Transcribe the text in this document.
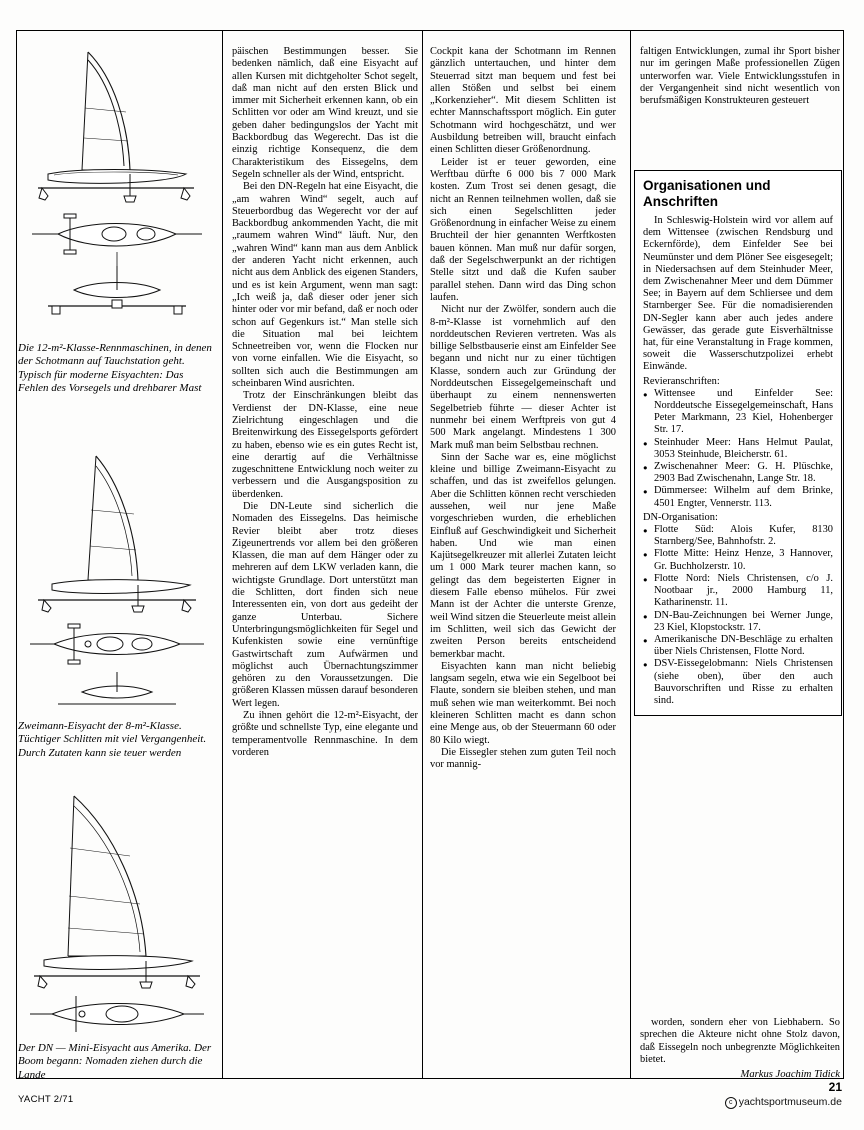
Die 12-m²-Klasse-Rennmaschinen, in denen der Schotmann auf Tauchstation geht. Typisch für moderne Eisyachten: Das Fehlen des Vorsegels und drehbarer Mast
Zweimann-Eisyacht der 8-m²-Klasse. Tüchtiger Schlitten mit viel Vergangenheit. Durch Zutaten kann sie teuer werden
Der DN — Mini-Eisyacht aus Amerika. Der Boom begann: Nomaden ziehen durch die Lande

päischen Bestimmungen besser. Sie bedenken nämlich, daß eine Eisyacht auf allen Kursen mit dichtgeholter Schot segelt, daß man nicht auf den ersten Blick und immer mit Sicherheit erkennen kann, ob ein Schlitten vor oder am Wind kreuzt, und sie geben daher bedingungslos der Yacht mit Backbordbug das Wegerecht. Das ist die einzig richtige Konsequenz, die dem Charakteristikum des Eissegelns, dem Segeln schneller als der Wind, entspricht.

Bei den DN-Regeln hat eine Eisyacht, die „am wahren Wind“ segelt, auch auf Steuerbordbug das Wegerecht vor der auf Backbordbug ankommenden Yacht, die mit „raumem wahren Wind“ läuft. Nur, den „wahren Wind“ kann man aus dem Anblick der anderen Yacht nicht erkennen, auch nicht aus dem Anblick des eigenen Standers, und es ist kein Argument, wenn man sagt: „Ich weiß ja, daß dieser oder jener sich hinter oder vor mir befand, daß er noch oder schon auf Gegenkurs ist.“ Man stelle sich die Situation mal bei leichtem Schneetreiben vor, wenn die Flocken nur von vorne einfallen. Wie die Eisyacht, so sollten sich auch die Bestimmungen am scheinbaren Wind ausrichten.

Trotz der Einschränkungen bleibt das Verdienst der DN-Klasse, eine neue Zielrichtung eingeschlagen und die Breitenwirkung des Eissegelsports gefördert zu haben, ebenso wie es ein gutes Recht ist, eine derartig auf die Verhältnisse zugeschnittene Entwicklung noch weiter zu verbessern und die Ausgangsposition zu überdenken.

Die DN-Leute sind sicherlich die Nomaden des Eissegelns. Das heimische Revier bleibt aber trotz dieses Zigeunertrends vor allem bei den größeren Klassen, die man auf dem Hänger oder zu mehreren auf dem LKW verladen kann, die wichtigste Grundlage. Dort unterstützt man die Schlitten, dort finden sich neue Interessenten ein, von dort aus gedeiht der ganze Unterbau. Sichere Unterbringungsmöglichkeiten für Segel und Kufenkisten sowie eine vernünftige Gastwirtschaft zum Aufwärmen und möglichst auch Übernachtungszimmer gehören zu den Voraussetzungen. Die größeren Klassen müssen darauf besonderen Wert legen.

Zu ihnen gehört die 12-m²-Eisyacht, der größte und schnellste Typ, eine elegante und temperamentvolle Rennmaschine. In dem vorderen

Cockpit kana der Schotmann im Rennen gänzlich untertauchen, und hinter dem Steuerrad sitzt man bequem und fest bei allen Stößen und selbst bei einem „Korkenzieher“. Mit diesem Schlitten ist echter Mannschaftssport möglich. Ein guter Schotmann wird hochgeschätzt, und wer Ausbildung betreiben will, braucht einfach einen Schlitten dieser Größenordnung.

Leider ist er teuer geworden, eine Werftbau dürfte 6 000 bis 7 000 Mark kosten. Zum Trost sei denen gesagt, die nicht an Rennen teilnehmen wollen, daß sie sich einen Segelschlitten jeder Größenordnung in einfacher Weise zu einem Bruchteil der hier genannten Werftkosten bauen können. Man muß nur dafür sorgen, daß der Segelschwerpunkt an der richtigen Stelle sitzt und daß die Kufen sauber parallel stehen. Dann wird das Ding schon laufen.

Nicht nur der Zwölfer, sondern auch die 8-m²-Klasse ist vornehmlich auf den norddeutschen Revieren vertreten. Was als billige Selbstbauserie einst am Einfelder See begann und nicht nur zu einer tüchtigen Klasse, sondern auch zur Gründung der Norddeutschen Eissegelgemeinschaft und überhaupt zu einem nennenswerten Segelbetrieb führte — dieser Achter ist nunmehr bei einem Werftpreis von gut 4 500 Mark angelangt. Mindestens 1 300 Mark muß man beim Selbstbau rechnen.

Sinn der Sache war es, eine möglichst kleine und billige Zweimann-Eisyacht zu schaffen, und das ist zweifellos gelungen. Aber die Schlitten können recht verschieden aussehen, weil nur jene Maße vorgeschrieben wurden, die erheblichen Einfluß auf Geschwindigkeit und Sicherheit haben. Und wie man einen Kajütsegelkreuzer mit allerlei Zutaten leicht um 1 000 Mark teurer machen kann, so gelingt das dem begeisterten Eigner in diesem Falle ebenso mühelos. Für zwei Mann ist der Achter die unterste Grenze, weil Wind sitzen die Steuerleute meist allein im Schlitten, weil sich das Gewicht der zweiten Person bereits entscheidend bemerkbar macht.

Eisyachten kann man nicht beliebig langsam segeln, etwa wie ein Segelboot bei Flaute, sondern sie bleiben stehen, und man muß sehen wie man weiterkommt. Bei noch kleineren Schlitten macht es dann schon eine Menge aus, ob der Steuermann 60 oder 80 Kilo wiegt.

Die Eissegler stehen zum guten Teil noch vor mannig-

faltigen Entwicklungen, zumal ihr Sport bisher nur im geringen Maße professionellen Zügen unterworfen war. Viele Entwicklungsstufen in der Vergangenheit sind nicht wesentlich von berufsmäßigen Konstrukteuren gesteuert

Organisationen und Anschriften

In Schleswig-Holstein wird vor allem auf dem Wittensee (zwischen Rendsburg und Eckernförde), dem Einfelder See bei Neumünster und dem Plöner See eisgesegelt; in Niedersachsen auf dem Steinhuder Meer, dem Zwischenahner Meer und dem Dümmer See; in Bayern auf dem Schliersee und dem Starnberger See. Für die nomadisierenden DN-Segler kann aber auch jedes andere Gewässer, das gerade gute Eisverhältnisse hat, für eine Veranstaltung in Frage kommen, soweit die Wasserschutzpolizei erhebt Einwände.

Revieranschriften:
● Wittensee und Einfelder See: Norddeutsche Eissegelgemeinschaft, Hans Peter Markmann, 23 Kiel, Hohenberger Str. 17.
● Steinhuder Meer: Hans Helmut Paulat, 3053 Steinhude, Bleicherstr. 61.
● Zwischenahner Meer: G. H. Plüschke, 2903 Bad Zwischenahn, Lange Str. 18.
● Dümmersee: Wilhelm auf dem Brinke, 4501 Engter, Vennerstr. 113.
DN-Organisation:
● Flotte Süd: Alois Kufer, 8130 Starnberg/See, Bahnhofstr. 2.
● Flotte Mitte: Heinz Henze, 3 Hannover, Gr. Buchholzerstr. 10.
● Flotte Nord: Niels Christensen, c/o J. Nootbaar jr., 2000 Hamburg 11, Katharinenstr. 11.
● DN-Bau-Zeichnungen bei Werner Junge, 23 Kiel, Klopstockstr. 17.
● Amerikanische DN-Beschläge zu erhalten über Niels Christensen, Flotte Nord.
● DSV-Eissegelobmann: Niels Christensen (siehe oben), über den auch Bauvorschriften und Risse zu erhalten sind.

worden, sondern eher von Liebhabern. So sprechen die Akteure nicht ohne Stolz davon, daß Eissegeln noch unbegrenzte Möglichkeiten bietet.

Markus Joachim Tidick
YACHT 2/71
21
c yachtsportmuseum.de
